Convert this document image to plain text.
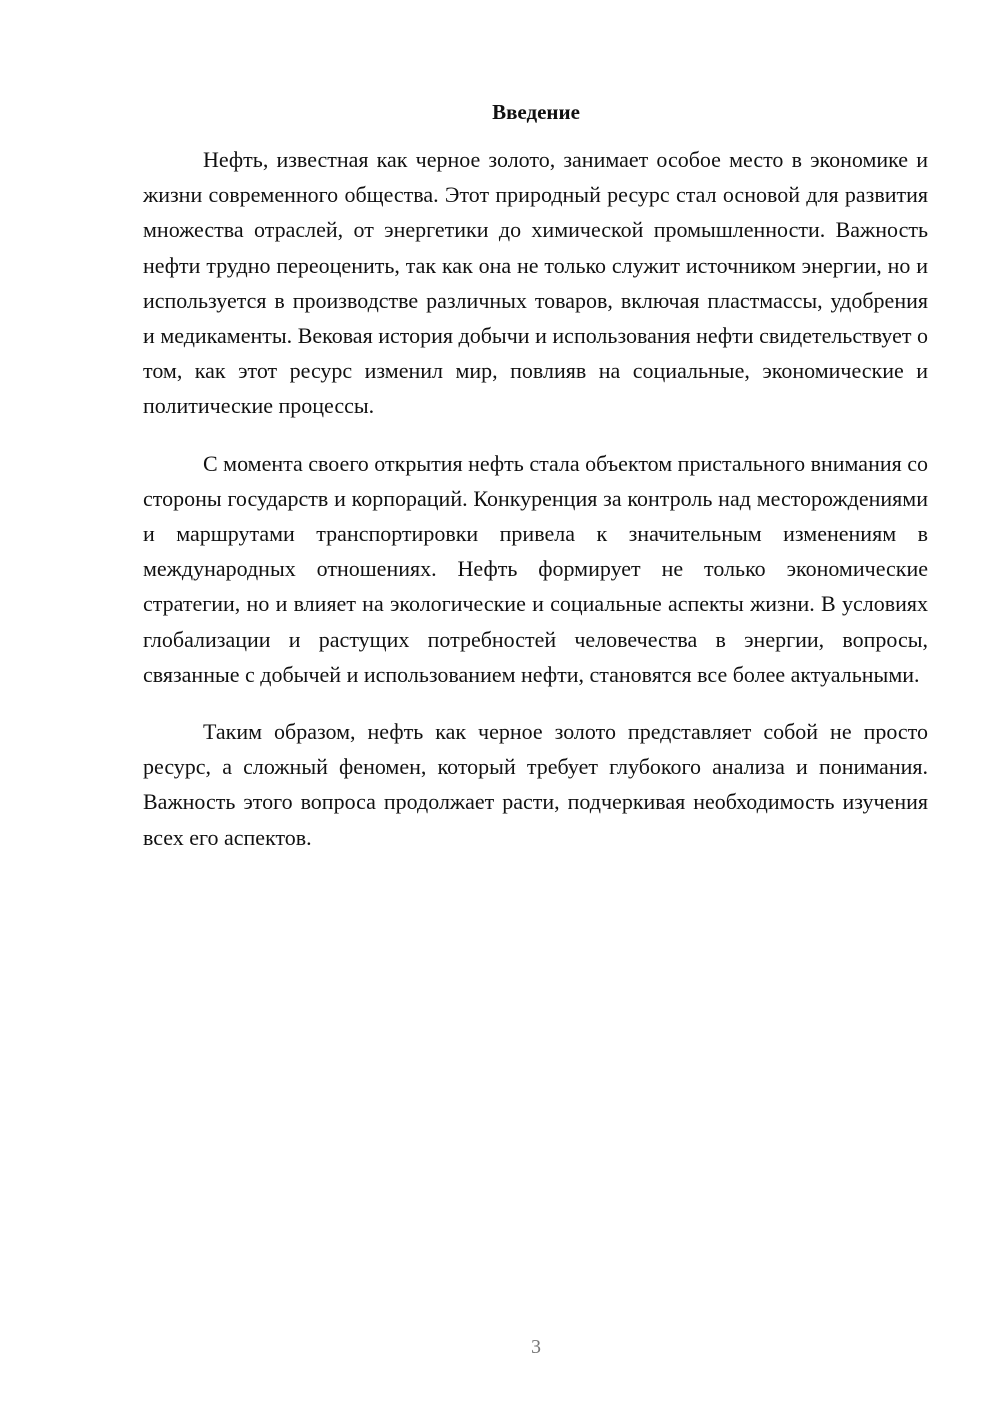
Введение

Нефть, известная как черное золото, занимает особое место в экономике и жизни современного общества. Этот природный ресурс стал основой для развития множества отраслей, от энергетики до химической промышленности. Важность нефти трудно переоценить, так как она не только служит источником энергии, но и используется в производстве различных товаров, включая пластмассы, удобрения и медикаменты. Вековая история добычи и использования нефти свидетельствует о том, как этот ресурс изменил мир, повлияв на социальные, экономические и политические процессы.

С момента своего открытия нефть стала объектом пристального внимания со стороны государств и корпораций. Конкуренция за контроль над месторождениями и маршрутами транспортировки привела к значительным изменениям в международных отношениях. Нефть формирует не только экономические стратегии, но и влияет на экологические и социальные аспекты жизни. В условиях глобализации и растущих потребностей человечества в энергии, вопросы, связанные с добычей и использованием нефти, становятся все более актуальными.

Таким образом, нефть как черное золото представляет собой не просто ресурс, а сложный феномен, который требует глубокого анализа и понимания. Важность этого вопроса продолжает расти, подчеркивая необходимость изучения всех его аспектов.

3
